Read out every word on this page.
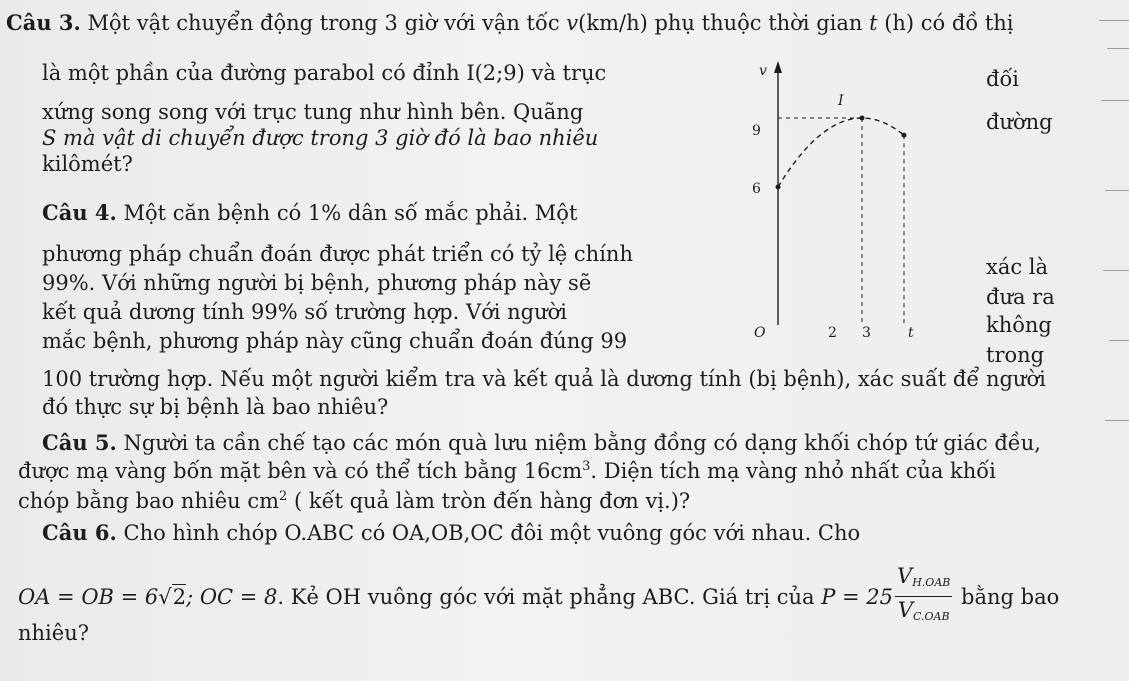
Câu 3. Một vật chuyển động trong 3 giờ với vận tốc v(km/h) phụ thuộc thời gian t (h) có đồ thị
là một phần của đường parabol có đỉnh I(2;9) và trục	đối
xứng song song với trục tung như hình bên. Quãng	đường
S mà vật di chuyển được trong 3 giờ đó là bao nhiêu
kilômét?
v
t
O
I
9
6
2 3
Câu 4. Một căn bệnh có 1% dân số mắc phải. Một
phương pháp chuẩn đoán được phát triển có tỷ lệ chính
xác là
99%. Với những người bị bệnh, phương pháp này sẽ
đưa ra
kết quả dương tính 99% số trường hợp. Với người
không
mắc bệnh, phương pháp này cũng chuẩn đoán đúng 99
trong
100 trường hợp. Nếu một người kiểm tra và kết quả là dương tính (bị bệnh), xác suất để người
đó thực sự bị bệnh là bao nhiêu?
Câu 5. Người ta cần chế tạo các món quà lưu niệm bằng đồng có dạng khối chóp tứ giác đều,
được mạ vàng bốn mặt bên và có thể tích bằng $16cm^3$. Diện tích mạ vàng nhỏ nhất của khối
chóp bằng bao nhiêu $cm^2$ ( kết quả làm tròn đến hàng đơn vị.)?
Câu 6. Cho hình chóp O.ABC có OA,OB,OC đôi một vuông góc với nhau. Cho
OA = OB = 6√2; OC = 8. Kẻ OH vuông góc với mặt phẳng ABC. Giá trị của $P = 25 \frac{V_{H.OAB}}{V_{C.OAB}}$ bằng bao
nhiêu?
